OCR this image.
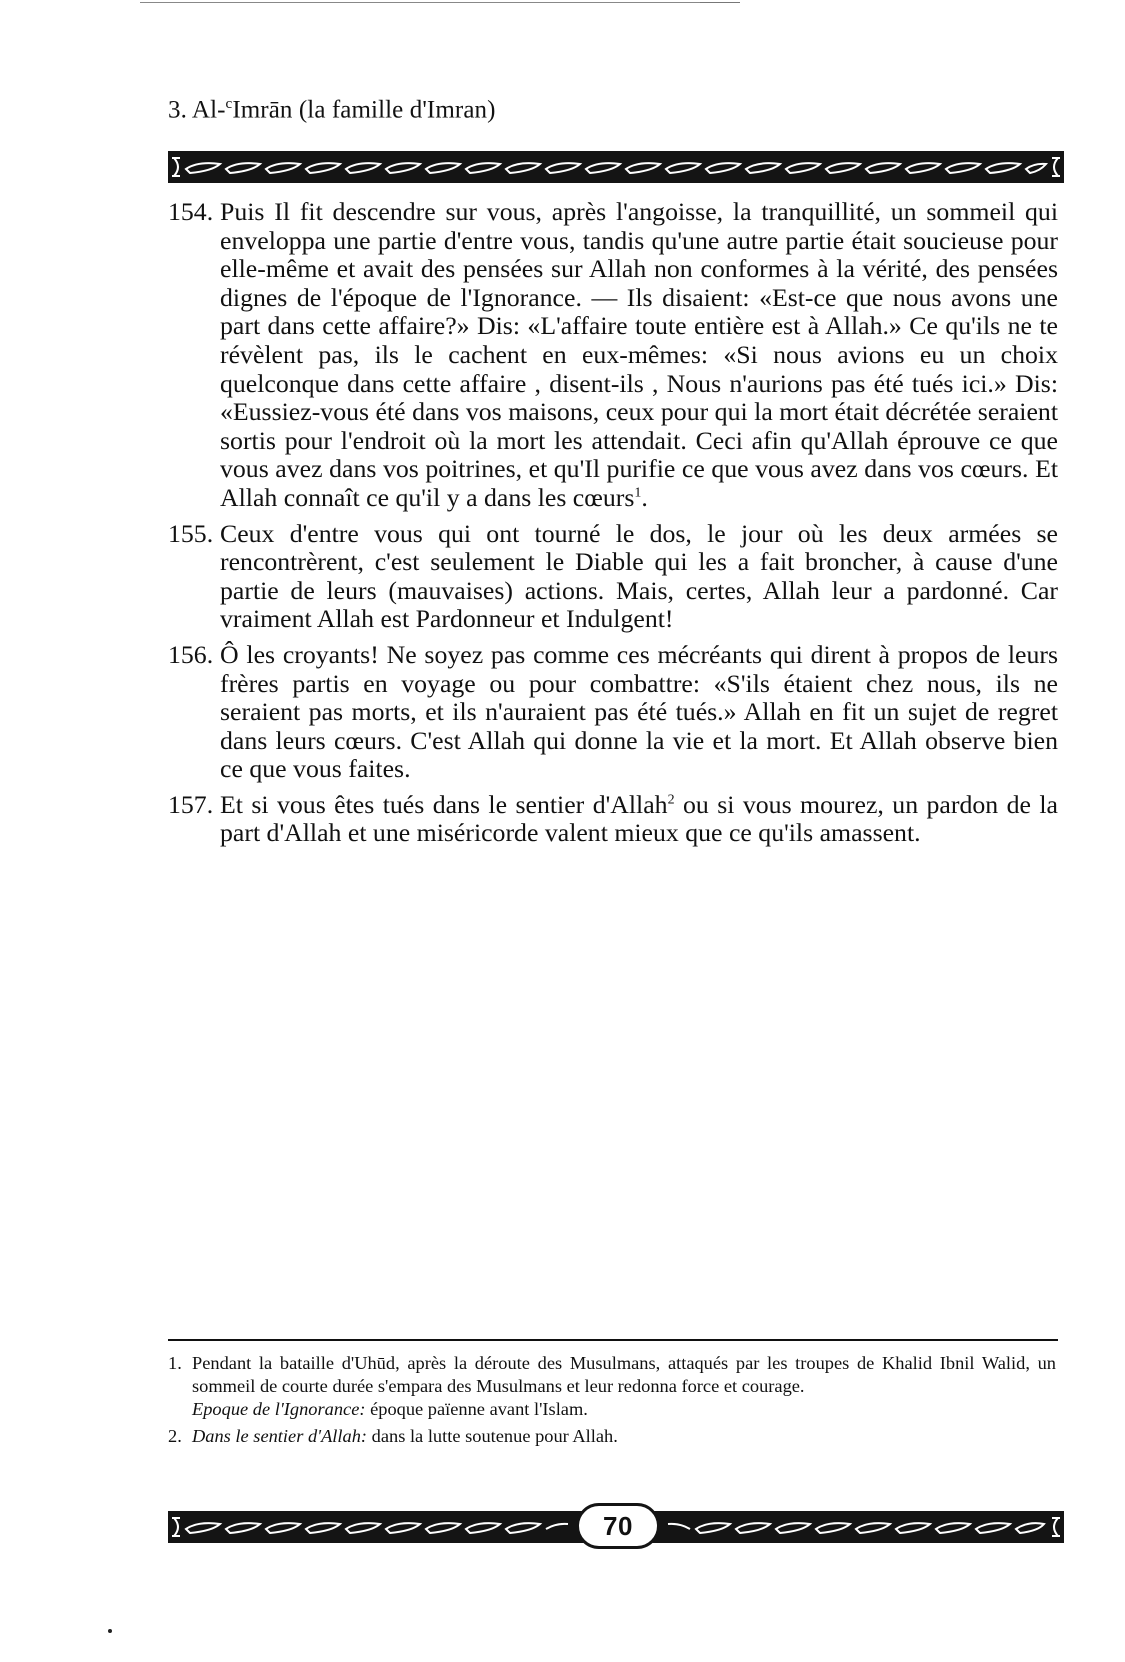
3. Al-$^c$Imrān (la famille d'Imran)
154. Puis Il fit descendre sur vous, après l'angoisse, la tranquillité, un sommeil qui enveloppa une partie d'entre vous, tandis qu'une autre partie était soucieuse pour elle-même et avait des pensées sur Allah non conformes à la vérité, des pensées dignes de l'époque de l'Ignorance. — Ils disaient: «Est-ce que nous avons une part dans cette affaire?» Dis: «L'affaire toute entière est à Allah.» Ce qu'ils ne te révèlent pas, ils le cachent en eux-mêmes: «Si nous avions eu un choix quelconque dans cette affaire , disent-ils , Nous n'aurions pas été tués ici.» Dis: «Eussiez-vous été dans vos maisons, ceux pour qui la mort était décrétée seraient sortis pour l'endroit où la mort les attendait. Ceci afin qu'Allah éprouve ce que vous avez dans vos poitrines, et qu'Il purifie ce que vous avez dans vos cœurs. Et Allah connaît ce qu'il y a dans les cœurs$^1$.
155. Ceux d'entre vous qui ont tourné le dos, le jour où les deux armées se rencontrèrent, c'est seulement le Diable qui les a fait broncher, à cause d'une partie de leurs (mauvaises) actions. Mais, certes, Allah leur a pardonné. Car vraiment Allah est Pardonneur et Indulgent!
156. Ô les croyants! Ne soyez pas comme ces mécréants qui dirent à propos de leurs frères partis en voyage ou pour combattre: «S'ils étaient chez nous, ils ne seraient pas morts, et ils n'auraient pas été tués.» Allah en fit un sujet de regret dans leurs cœurs. C'est Allah qui donne la vie et la mort. Et Allah observe bien ce que vous faites.
157. Et si vous êtes tués dans le sentier d'Allah$^2$ ou si vous mourez, un pardon de la part d'Allah et une miséricorde valent mieux que ce qu'ils amassent.
1. Pendant la bataille d'Uhūd, après la déroute des Musulmans, attaqués par les troupes de Khalid Ibnil Walid, un sommeil de courte durée s'empara des Musulmans et leur redonna force et courage.
Epoque de l'Ignorance: époque païenne avant l'Islam.
2. Dans le sentier d'Allah: dans la lutte soutenue pour Allah.
70
